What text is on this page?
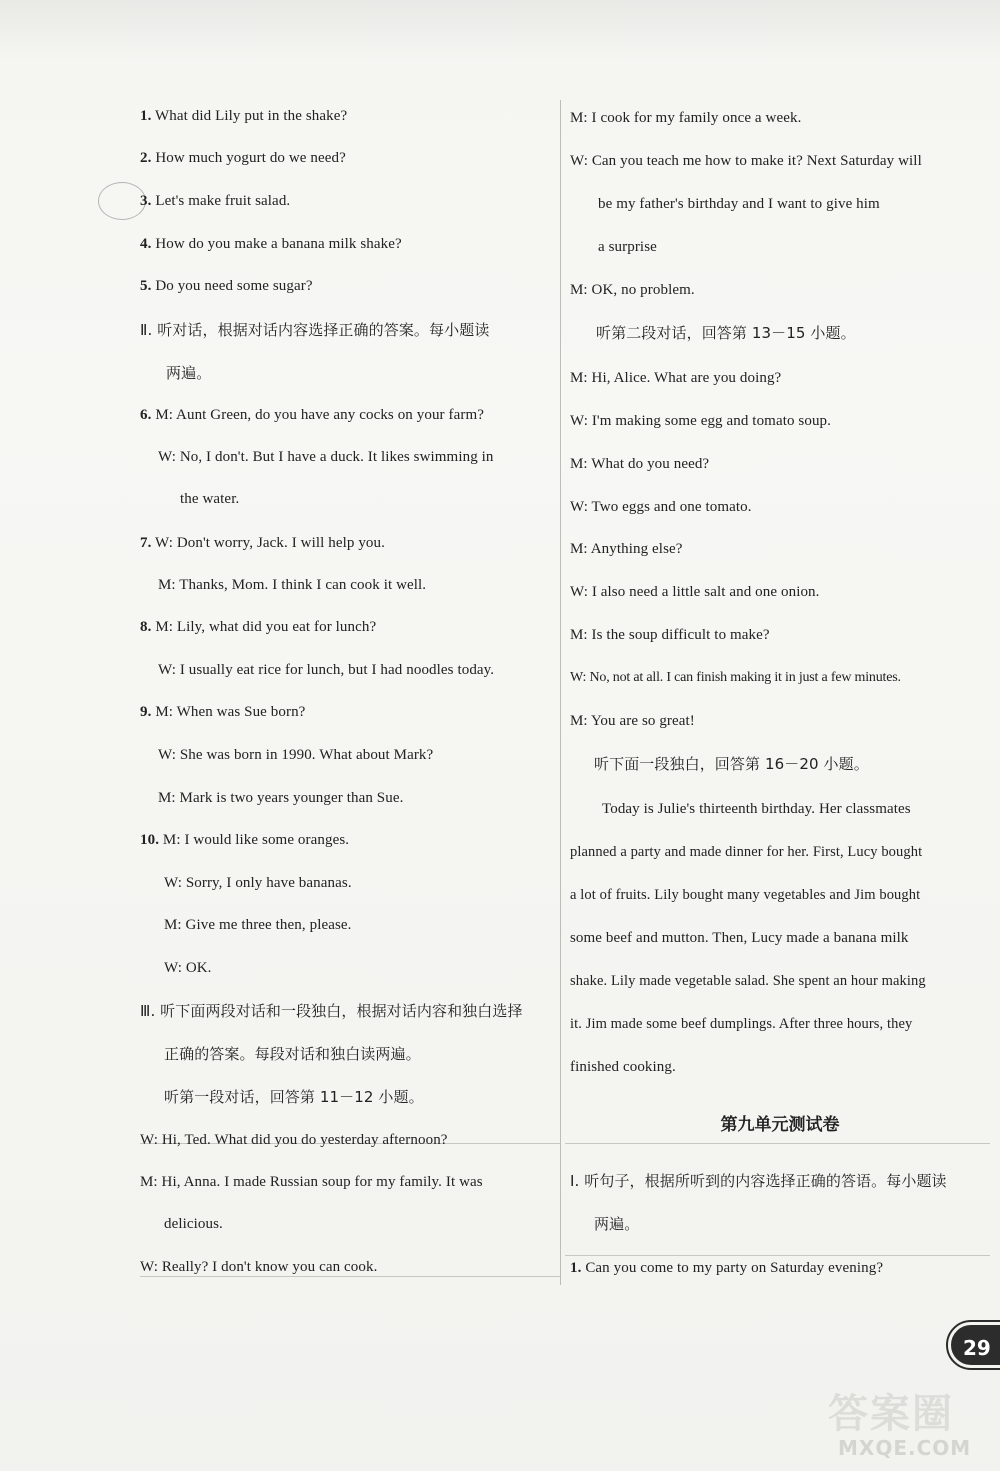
1. What did Lily put in the shake?
2. How much yogurt do we need?
3. Let's make fruit salad.
4. How do you make a banana milk shake?
5. Do you need some sugar?
Ⅱ. 听对话，根据对话内容选择正确的答案。每小题读
两遍。
6. M: Aunt Green, do you have any cocks on your farm?
W: No, I don't. But I have a duck. It likes swimming in
the water.
7. W: Don't worry, Jack. I will help you.
M: Thanks, Mom. I think I can cook it well.
8. M: Lily, what did you eat for lunch?
W: I usually eat rice for lunch, but I had noodles today.
9. M: When was Sue born?
W: She was born in 1990. What about Mark?
M: Mark is two years younger than Sue.
10. M: I would like some oranges.
W: Sorry, I only have bananas.
M: Give me three then, please.
W: OK.
Ⅲ. 听下面两段对话和一段独白，根据对话内容和独白选择
正确的答案。每段对话和独白读两遍。
听第一段对话，回答第 11－12 小题。
W: Hi, Ted. What did you do yesterday afternoon?
M: Hi, Anna. I made Russian soup for my family. It was
delicious.
W: Really? I don't know you can cook.
M: I cook for my family once a week.
W: Can you teach me how to make it? Next Saturday will
be my father's birthday and I want to give him
a surprise
M: OK, no problem.
听第二段对话，回答第 13－15 小题。
M: Hi, Alice. What are you doing?
W: I'm making some egg and tomato soup.
M: What do you need?
W: Two eggs and one tomato.
M: Anything else?
W: I also need a little salt and one onion.
M: Is the soup difficult to make?
W: No, not at all. I can finish making it in just a few minutes.
M: You are so great!
听下面一段独白，回答第 16－20 小题。
Today is Julie's thirteenth birthday. Her classmates
planned a party and made dinner for her. First, Lucy bought
a lot of fruits. Lily bought many vegetables and Jim bought
some beef and mutton. Then, Lucy made a banana milk
shake. Lily made vegetable salad. She spent an hour making
it. Jim made some beef dumplings. After three hours, they
finished cooking.
第九单元测试卷
Ⅰ. 听句子，根据所听到的内容选择正确的答语。每小题读
两遍。
1. Can you come to my party on Saturday evening?
29
答案圈
MXQE.COM
